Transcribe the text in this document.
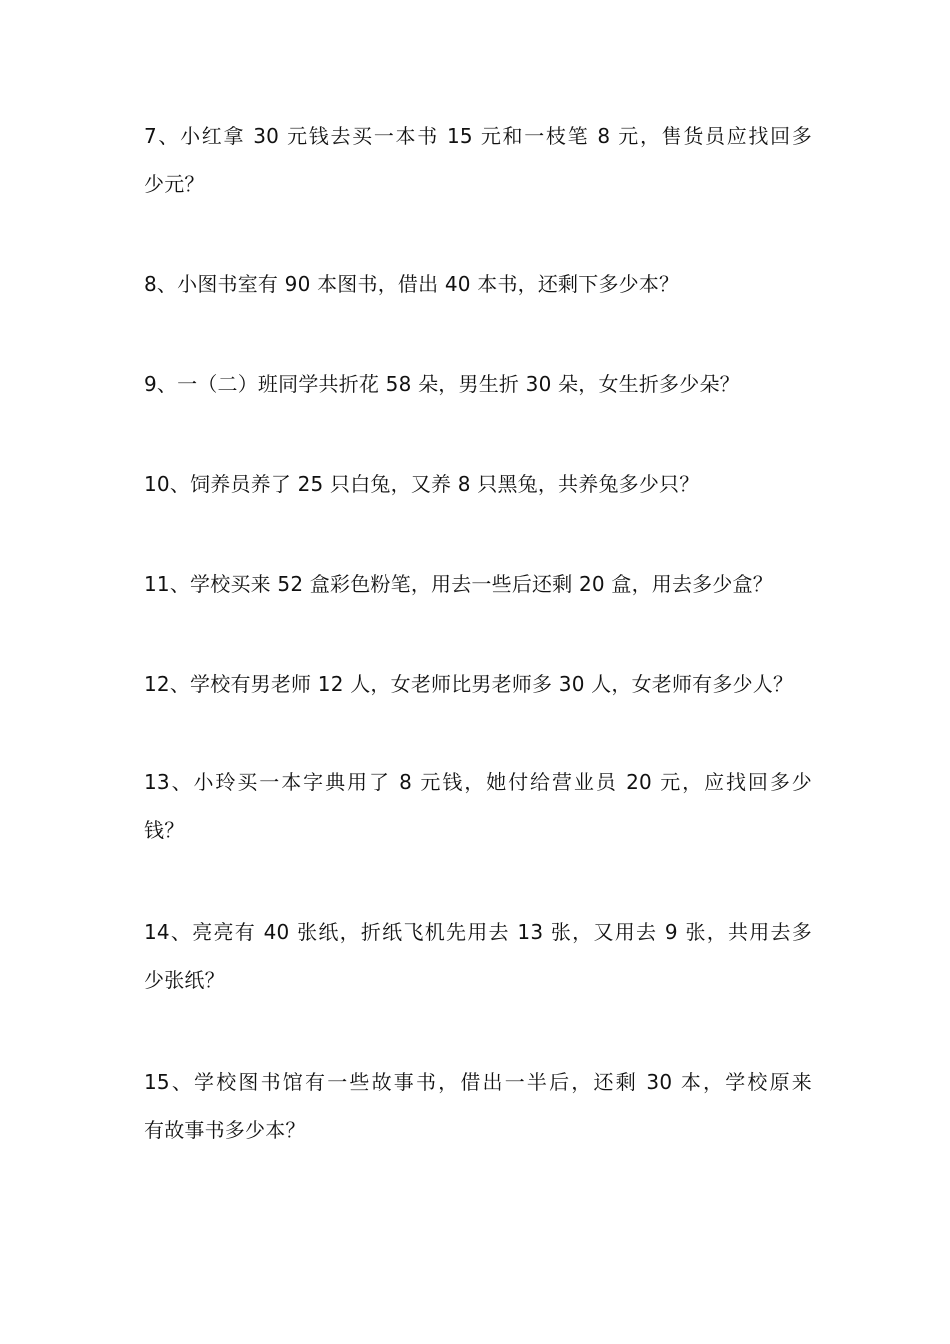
7、小红拿 30 元钱去买一本书 15 元和一枝笔 8 元，售货员应找回多
少元？
8、小图书室有 90 本图书，借出 40 本书，还剩下多少本？
9、一（二）班同学共折花 58 朵，男生折 30 朵，女生折多少朵？
10、饲养员养了 25 只白兔，又养 8 只黑兔，共养兔多少只？
11、学校买来 52 盒彩色粉笔，用去一些后还剩 20 盒，用去多少盒？
12、学校有男老师 12 人，女老师比男老师多 30 人，女老师有多少人？
13、小玲买一本字典用了 8 元钱，她付给营业员 20 元，应找回多少
钱？
14、亮亮有 40 张纸，折纸飞机先用去 13 张，又用去 9 张，共用去多
少张纸？
15、学校图书馆有一些故事书，借出一半后，还剩 30 本，学校原来
有故事书多少本？
